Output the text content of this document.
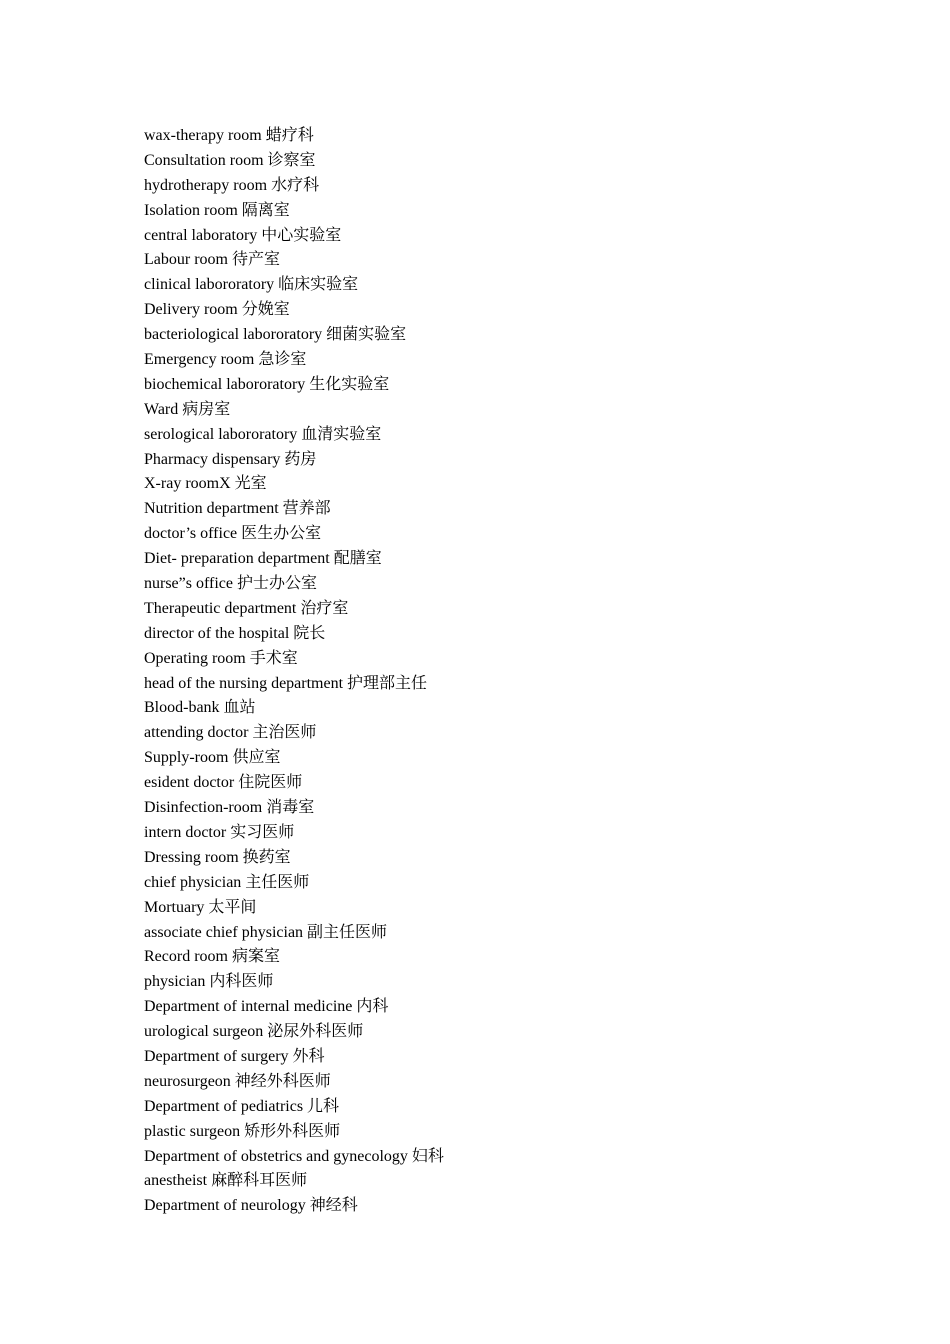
wax-therapy room 蜡疗科
Consultation room 诊察室
hydrotherapy room 水疗科
Isolation room 隔离室
central laboratory 中心实验室
Labour room 待产室
clinical labororatory 临床实验室
Delivery room 分娩室
bacteriological labororatory 细菌实验室
Emergency room 急诊室
biochemical labororatory 生化实验室
Ward 病房室
serological labororatory 血清实验室
Pharmacy dispensary 药房
X-ray roomX 光室
Nutrition department 营养部
doctor’s office 医生办公室
Diet- preparation department 配膳室
nurse”s office 护士办公室
Therapeutic department 治疗室
director of the hospital 院长
Operating room 手术室
head of the nursing department 护理部主任
Blood-bank 血站
attending doctor 主治医师
Supply-room 供应室
esident doctor 住院医师
Disinfection-room 消毒室
intern doctor 实习医师
Dressing room 换药室
chief physician 主任医师
Mortuary 太平间
associate chief physician 副主任医师
Record room 病案室
physician 内科医师
Department of internal medicine 内科
urological surgeon 泌尿外科医师
Department of surgery 外科
neurosurgeon 神经外科医师
Department of pediatrics 儿科
plastic surgeon 矫形外科医师
Department of obstetrics and gynecology 妇科
anestheist 麻醉科耳医师
Department of neurology 神经科
